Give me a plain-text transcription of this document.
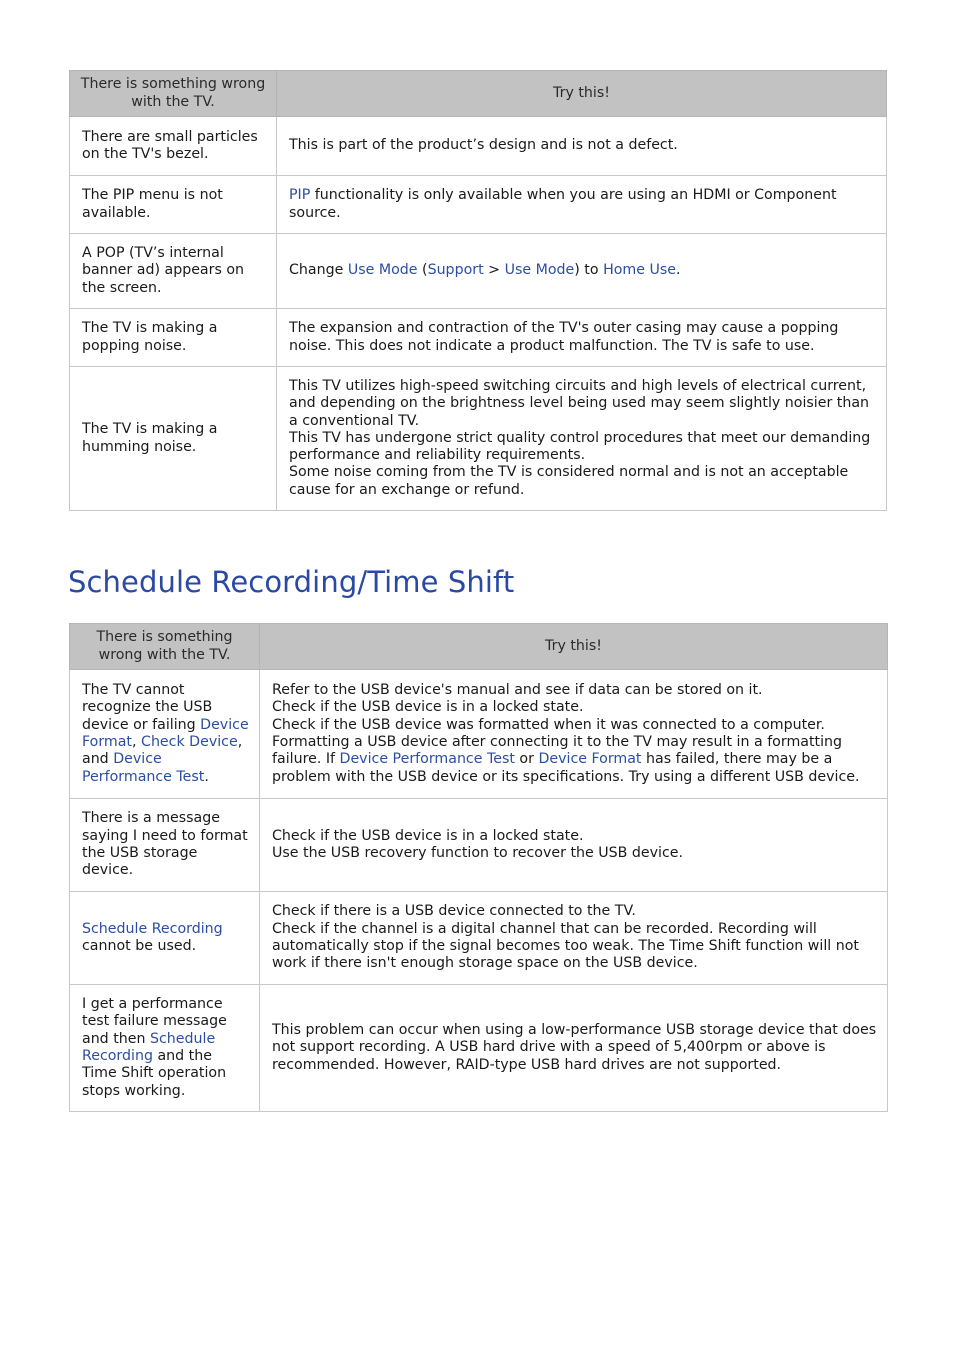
There is something wrong with the TV.	Try this!
There are small particles on the TV's bezel.	This is part of the product’s design and is not a defect.
The PIP menu is not available.	PIP functionality is only available when you are using an HDMI or Component source.
A POP (TV’s internal banner ad) appears on the screen.	Change Use Mode (Support > Use Mode) to Home Use.
The TV is making a popping noise.	The expansion and contraction of the TV's outer casing may cause a popping noise. This does not indicate a product malfunction. The TV is safe to use.
The TV is making a humming noise.	This TV utilizes high-speed switching circuits and high levels of electrical current, and depending on the brightness level being used may seem slightly noisier than a conventional TV.
This TV has undergone strict quality control procedures that meet our demanding performance and reliability requirements.
Some noise coming from the TV is considered normal and is not an acceptable cause for an exchange or refund.
Schedule Recording/Time Shift
There is something wrong with the TV.	Try this!
The TV cannot recognize the USB device or failing Device Format, Check Device, and Device Performance Test.	Refer to the USB device's manual and see if data can be stored on it.
Check if the USB device is in a locked state.
Check if the USB device was formatted when it was connected to a computer.
Formatting a USB device after connecting it to the TV may result in a formatting failure. If Device Performance Test or Device Format has failed, there may be a problem with the USB device or its specifications. Try using a different USB device.

There is a message saying I need to format the USB storage device.	Check if the USB device is in a locked state.
Use the USB recovery function to recover the USB device.

Schedule Recording cannot be used.	Check if there is a USB device connected to the TV.
Check if the channel is a digital channel that can be recorded. Recording will automatically stop if the signal becomes too weak. The Time Shift function will not work if there isn't enough storage space on the USB device.

I get a performance test failure message and then Schedule Recording and the Time Shift operation stops working.	This problem can occur when using a low-performance USB storage device that does not support recording. A USB hard drive with a speed of 5,400rpm or above is recommended. However, RAID-type USB hard drives are not supported.
